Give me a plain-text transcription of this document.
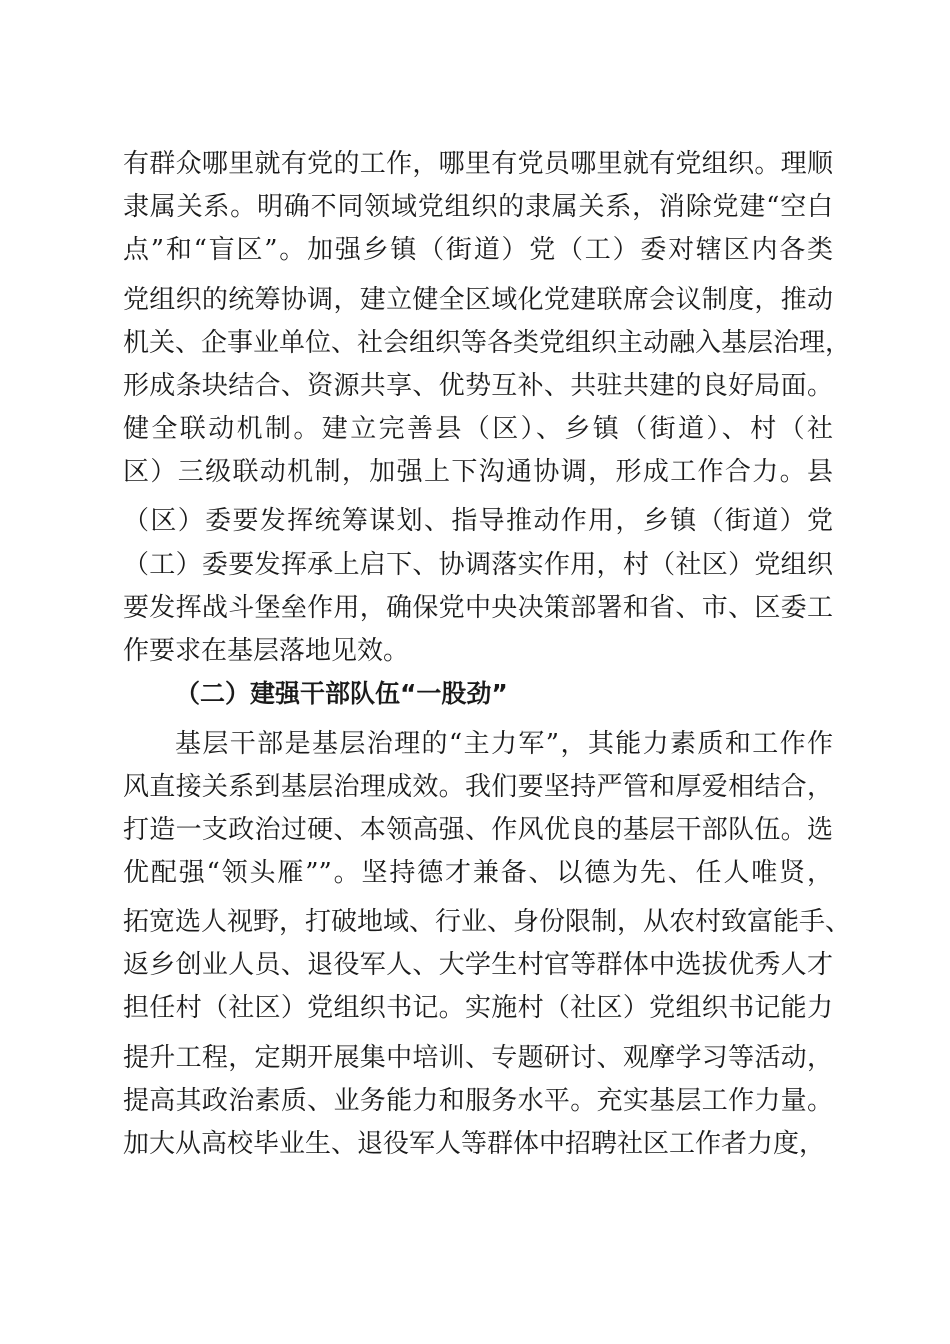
有群众哪里就有党的工作，哪里有党员哪里就有党组织。理顺
隶属关系。明确不同领域党组织的隶属关系，消除党建“空白
点”和“盲区”。加强乡镇（街道）党（工）委对辖区内各类
党组织的统筹协调，建立健全区域化党建联席会议制度，推动
机关、企事业单位、社会组织等各类党组织主动融入基层治理，
形成条块结合、资源共享、优势互补、共驻共建的良好局面。
健全联动机制。建立完善县（区）、乡镇（街道）、村（社
区）三级联动机制，加强上下沟通协调，形成工作合力。县
（区）委要发挥统筹谋划、指导推动作用，乡镇（街道）党
（工）委要发挥承上启下、协调落实作用，村（社区）党组织
要发挥战斗堡垒作用，确保党中央决策部署和省、市、区委工
作要求在基层落地见效。
（二）建强干部队伍“一股劲”
基层干部是基层治理的“主力军”，其能力素质和工作作
风直接关系到基层治理成效。我们要坚持严管和厚爱相结合，
打造一支政治过硬、本领高强、作风优良的基层干部队伍。选
优配强“领头雁””。坚持德才兼备、以德为先、任人唯贤，
拓宽选人视野，打破地域、行业、身份限制，从农村致富能手、
返乡创业人员、退役军人、大学生村官等群体中选拔优秀人才
担任村（社区）党组织书记。实施村（社区）党组织书记能力
提升工程，定期开展集中培训、专题研讨、观摩学习等活动，
提高其政治素质、业务能力和服务水平。充实基层工作力量。
加大从高校毕业生、退役军人等群体中招聘社区工作者力度，
